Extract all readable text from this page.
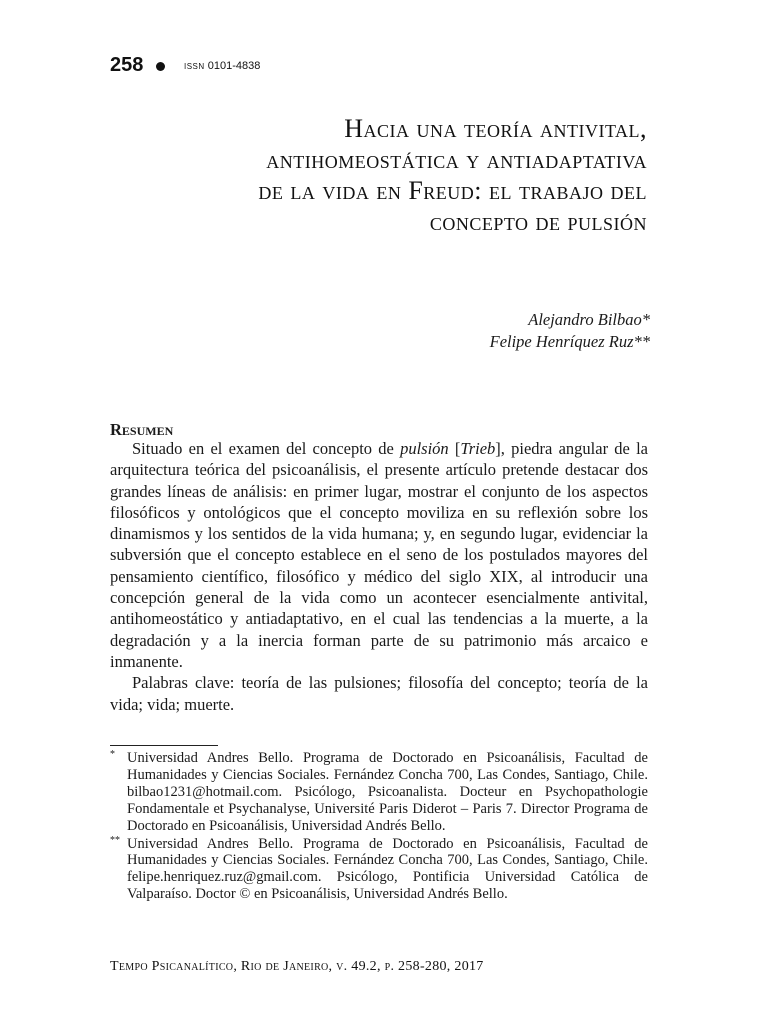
258	ISSN 0101-4838
Hacia una teoría antivital,
antihomeostática y antiadaptativa
de la vida en Freud: el trabajo del
concepto de pulsión
Alejandro Bilbao*
Felipe Henríquez Ruz**
Resumen

Situado en el examen del concepto de pulsión [Trieb], piedra angular de la arquitectura teórica del psicoanálisis, el presente artículo pretende destacar dos grandes líneas de análisis: en primer lugar, mostrar el conjunto de los aspectos filosóficos y ontológicos que el concepto moviliza en su reflexión sobre los dinamismos y los sentidos de la vida humana; y, en segundo lugar, evidenciar la subversión que el concepto establece en el seno de los postulados mayores del pensamiento científico, filosófico y médico del siglo XIX, al introducir una concepción general de la vida como un acontecer esencialmente antivital, antihomeostático y antiadaptativo, en el cual las tendencias a la muerte, a la degradación y a la inercia forman parte de su patrimonio más arcaico e inmanente.

Palabras clave: teoría de las pulsiones; filosofía del concepto; teoría de la vida; vida; muerte.

* Universidad Andres Bello. Programa de Doctorado en Psicoanálisis, Facultad de Humanidades y Ciencias Sociales. Fernández Concha 700, Las Condes, Santiago, Chile. bilbao1231@hotmail.com. Psicólogo, Psicoanalista. Docteur en Psychopathologie Fondamentale et Psychanalyse, Université Paris Diderot – Paris 7. Director Programa de Doctorado en Psicoanálisis, Universidad Andrés Bello.

** Universidad Andres Bello. Programa de Doctorado en Psicoanálisis, Facultad de Humanidades y Ciencias Sociales. Fernández Concha 700, Las Condes, Santiago, Chile. felipe.henriquez.ruz@gmail.com. Psicólogo, Pontificia Universidad Católica de Valparaíso. Doctor © en Psicoanálisis, Universidad Andrés Bello.

Tempo Psicanalítico, Rio de Janeiro, v. 49.2, p. 258-280, 2017
